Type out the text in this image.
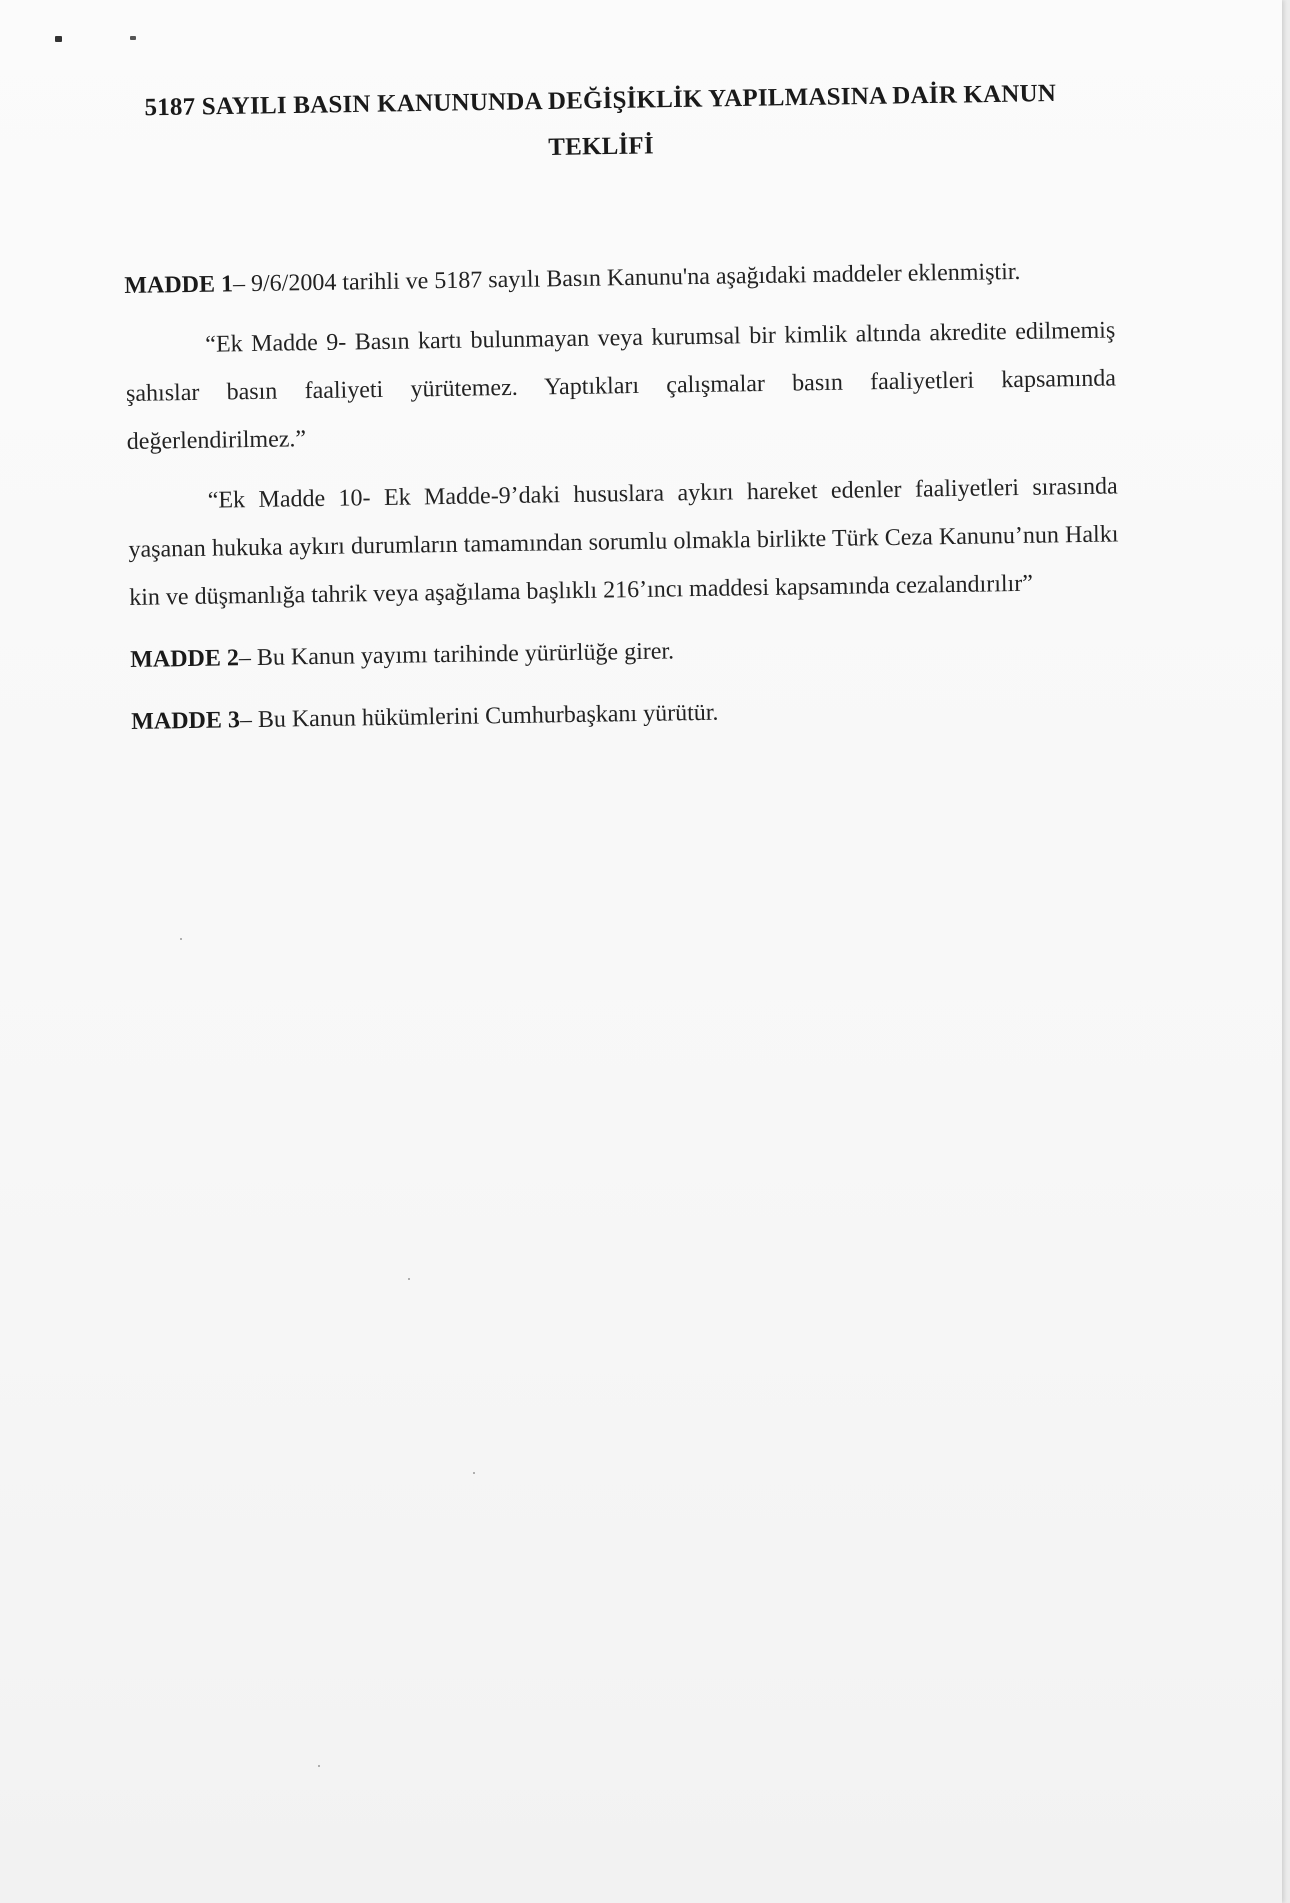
5187 SAYILI BASIN KANUNUNDA DEĞİŞİKLİK YAPILMASINA DAİR KANUN
TEKLİFİ

MADDE 1– 9/6/2004 tarihli ve 5187 sayılı Basın Kanunu'na aşağıdaki maddeler eklenmiştir.

“Ek Madde 9- Basın kartı bulunmayan veya kurumsal bir kimlik altında akredite edilmemiş şahıslar basın faaliyeti yürütemez. Yaptıkları çalışmalar basın faaliyetleri kapsamında değerlendirilmez.”

“Ek Madde 10- Ek Madde-9’daki hususlara aykırı hareket edenler faaliyetleri sırasında yaşanan hukuka aykırı durumların tamamından sorumlu olmakla birlikte Türk Ceza Kanunu’nun Halkı kin ve düşmanlığa tahrik veya aşağılama başlıklı 216’ıncı maddesi kapsamında cezalandırılır”

MADDE 2– Bu Kanun yayımı tarihinde yürürlüğe girer.

MADDE 3– Bu Kanun hükümlerini Cumhurbaşkanı yürütür.
